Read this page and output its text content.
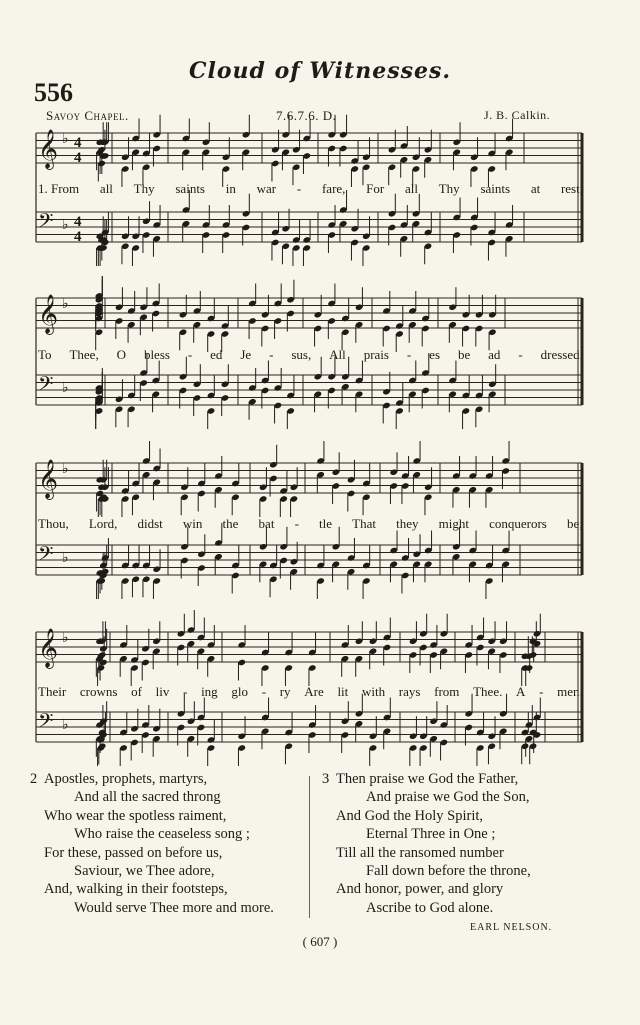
Cloud of Witnesses.
556
Savoy Chapel.	7.6.7.6. D.	J. B. Calkin.
𝄞 ♭ 4
4
𝄢 ♭ 4
4
𝄞 ♭
𝄢 ♭
𝄞 ♭
𝄢 ♭
𝄞 ♭
𝄢 ♭
1. From all Thy saints in war - fare, For all Thy saints at rest,
To Thee, O bless - ed Je - sus, All prais - es be ad - dressed.
Thou, Lord, didst win the bat - tle That they might conquerors be;
Their crowns of liv - ing glo - ry Are lit with rays from Thee. A - men.
2 Apostles, prophets, martyrs,
And all the sacred throng
Who wear the spotless raiment,
Who raise the ceaseless song ;
For these, passed on before us,
Saviour, we Thee adore,
And, walking in their footsteps,
Would serve Thee more and more.
3 Then praise we God the Father,
And praise we God the Son,
And God the Holy Spirit,
Eternal Three in One ;
Till all the ransomed number
Fall down before the throne,
And honor, power, and glory
Ascribe to God alone.
EARL NELSON.
( 607 )
